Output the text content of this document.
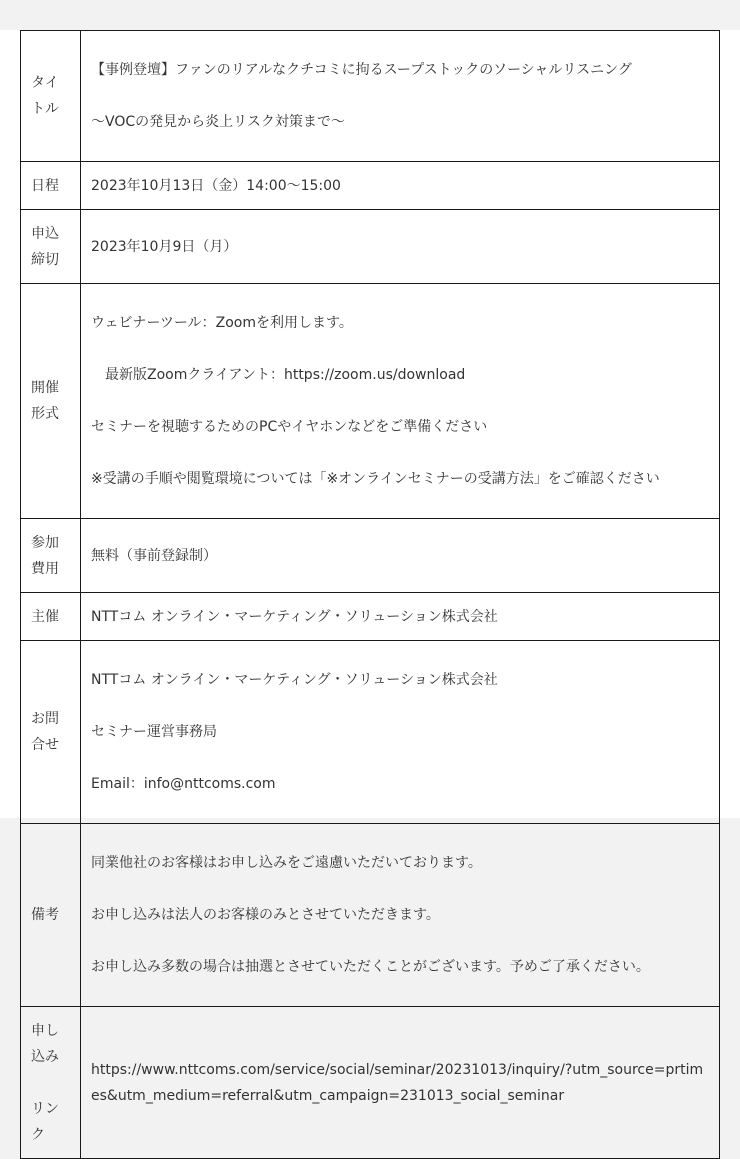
タイ
トル	【事例登壇】ファンのリアルなクチコミに拘るスープストックのソーシャルリスニング

〜VOCの発見から炎上リスク対策まで〜

日程	2023年10月13日（金）14:00〜15:00
申込
締切	2023年10月9日（月）
開催
形式	ウェビナーツール：Zoomを利用します。

最新版Zoomクライアント：https://zoom.us/download

セミナーを視聴するためのPCやイヤホンなどをご準備ください

※受講の手順や閲覧環境については「※オンラインセミナーの受講方法」をご確認ください

参加
費用	無料（事前登録制）
主催	NTTコム オンライン・マーケティング・ソリューション株式会社
お問
合せ	NTTコム オンライン・マーケティング・ソリューション株式会社

セミナー運営事務局

Email：info@nttcoms.com

備考	同業他社のお客様はお申し込みをご遠慮いただいております。

お申し込みは法人のお客様のみとさせていただきます。

お申し込み多数の場合は抽選とさせていただくことがございます。予めご了承ください。

申し
込み

リン
ク	https://www.nttcoms.com/service/social/seminar/20231013/inquiry/?utm_source=prtimes&utm_medium=referral&utm_campaign=231013_social_seminar
